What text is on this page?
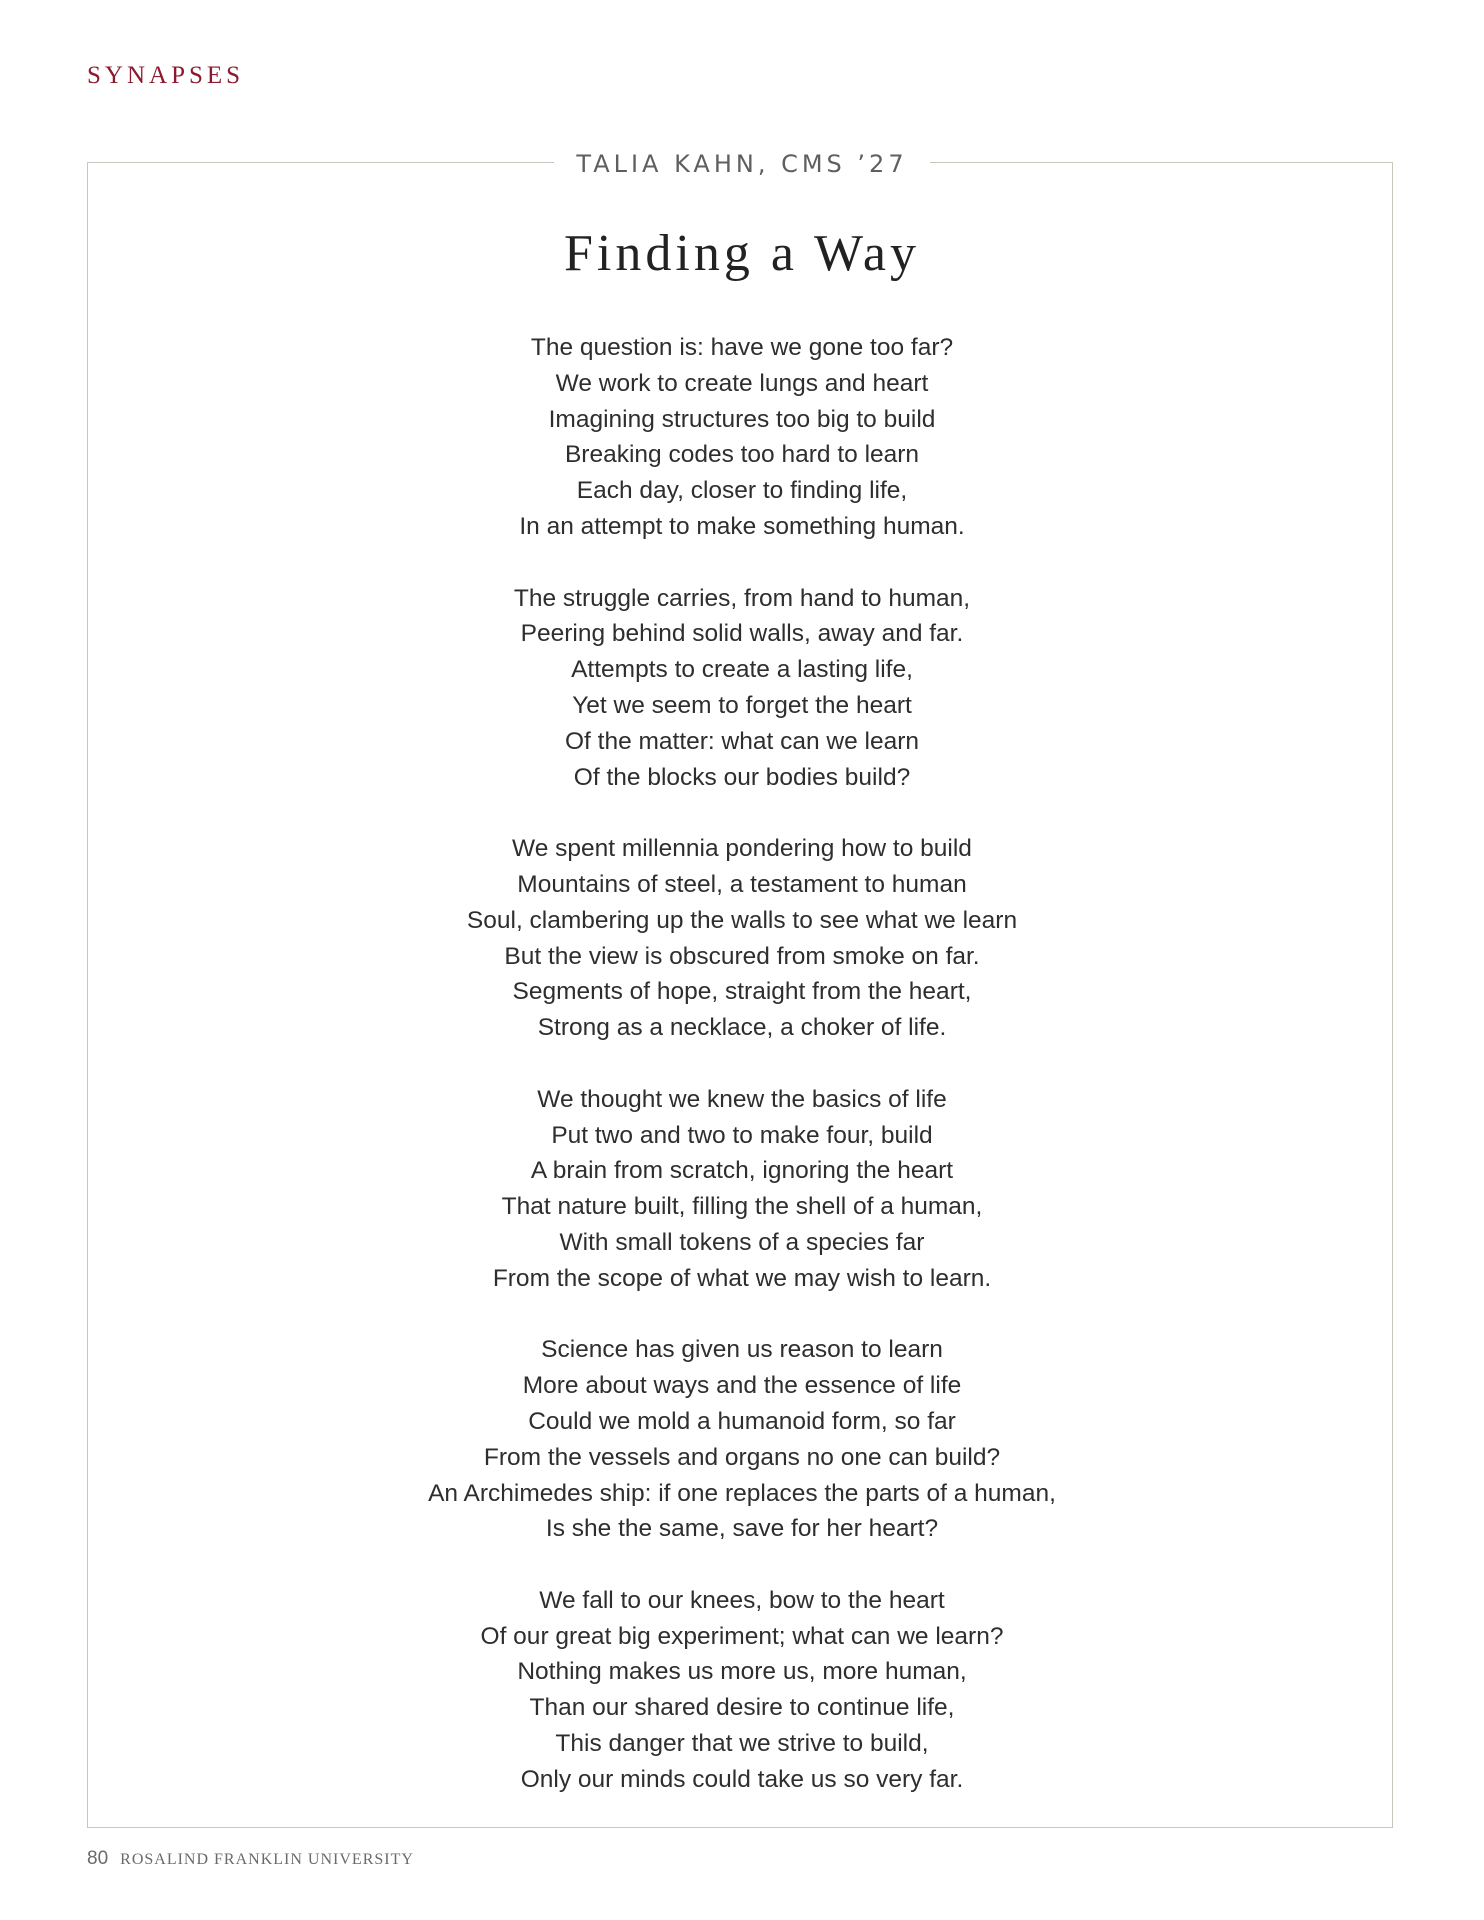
SYNAPSES

TALIA KAHN, CMS ’27

Finding a Way

The question is: have we gone too far?
We work to create lungs and heart
Imagining structures too big to build
Breaking codes too hard to learn
Each day, closer to finding life,
In an attempt to make something human.

The struggle carries, from hand to human,
Peering behind solid walls, away and far.
Attempts to create a lasting life,
Yet we seem to forget the heart
Of the matter: what can we learn
Of the blocks our bodies build?

We spent millennia pondering how to build
Mountains of steel, a testament to human
Soul, clambering up the walls to see what we learn
But the view is obscured from smoke on far.
Segments of hope, straight from the heart,
Strong as a necklace, a choker of life.

We thought we knew the basics of life
Put two and two to make four, build
A brain from scratch, ignoring the heart
That nature built, filling the shell of a human,
With small tokens of a species far
From the scope of what we may wish to learn.

Science has given us reason to learn
More about ways and the essence of life
Could we mold a humanoid form, so far
From the vessels and organs no one can build?
An Archimedes ship: if one replaces the parts of a human,
Is she the same, save for her heart?

We fall to our knees, bow to the heart
Of our great big experiment; what can we learn?
Nothing makes us more us, more human,
Than our shared desire to continue life,
This danger that we strive to build,
Only our minds could take us so very far.

80 ROSALIND FRANKLIN UNIVERSITY
